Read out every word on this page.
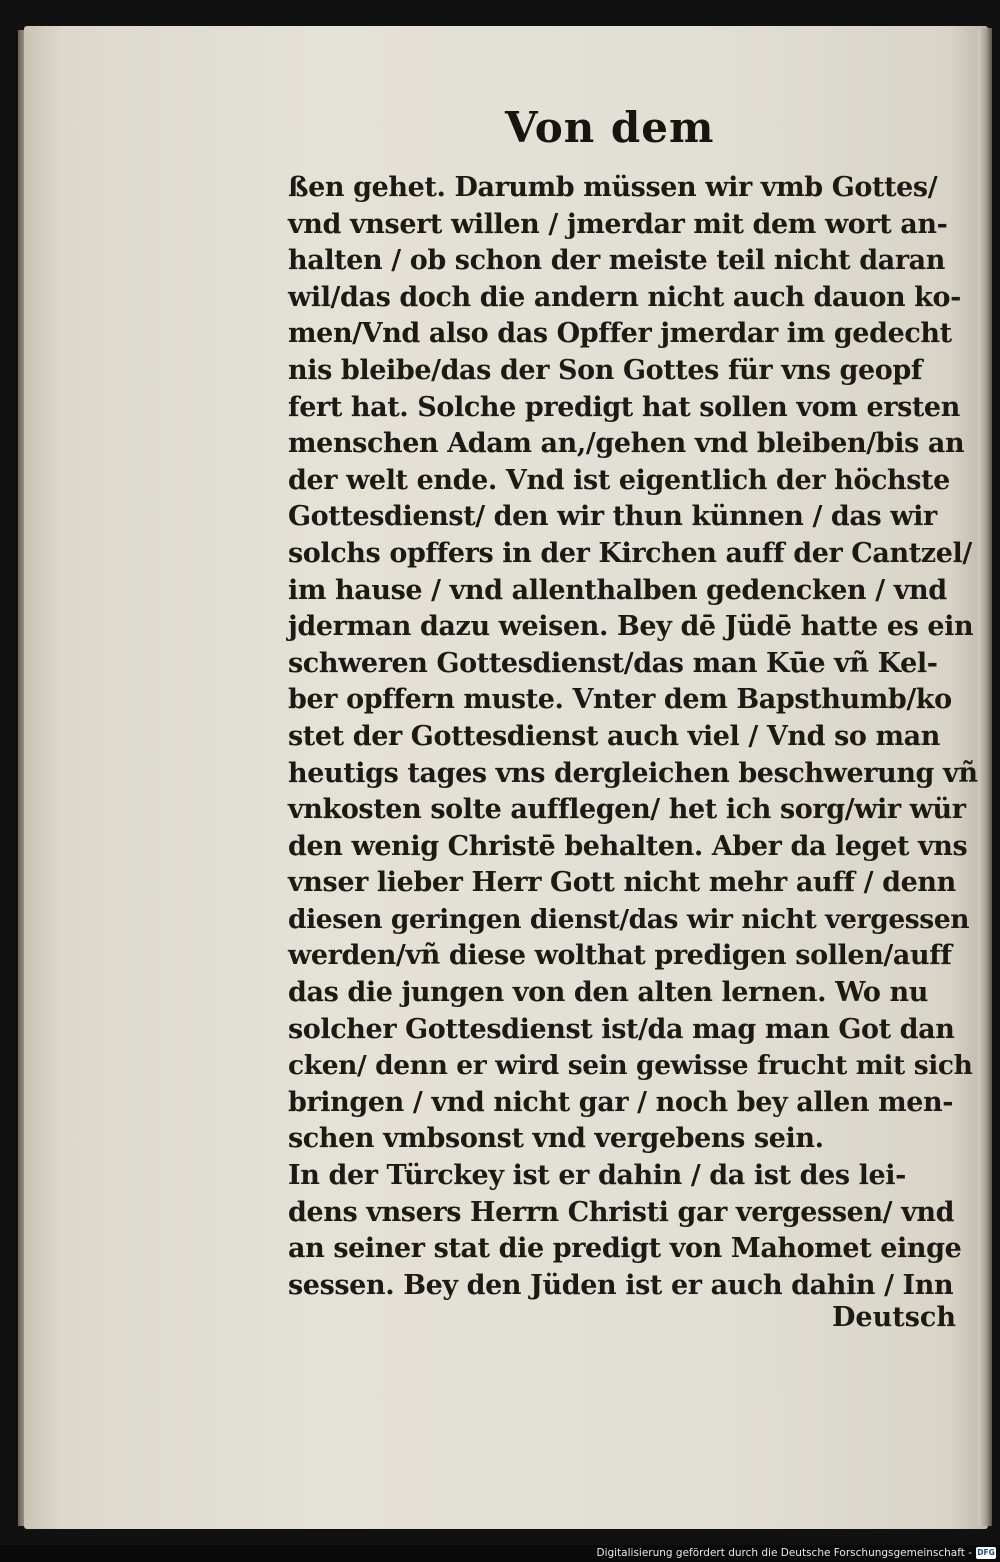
Von dem
ßen gehet. Darumb müssen wir vmb Gottes/
vnd vnsert willen / jmerdar mit dem wort an-
halten / ob schon der meiste teil nicht daran
wil/das doch die andern nicht auch dauon ko-
men/Vnd also das Opffer jmerdar im gedecht
nis bleibe/das der Son Gottes für vns geopf
fert hat. Solche predigt hat sollen vom ersten
menschen Adam an,/gehen vnd bleiben/bis an
der welt ende. Vnd ist eigentlich der höchste
Gottesdienst/ den wir thun künnen / das wir
solchs opffers in der Kirchen auff der Cantzel/
im hause / vnd allenthalben gedencken / vnd
jderman dazu weisen. Bey dē Jüdē hatte es ein
schweren Gottesdienst/das man Kūe vñ Kel-
ber opffern muste. Vnter dem Bapsthumb/ko
stet der Gottesdienst auch viel / Vnd so man
heutigs tages vns dergleichen beschwerung vñ
vnkosten solte aufflegen/ het ich sorg/wir wür
den wenig Christē behalten. Aber da leget vns
vnser lieber Herr Gott nicht mehr auff / denn
diesen geringen dienst/das wir nicht vergessen
werden/vñ diese wolthat predigen sollen/auff
das die jungen von den alten lernen. Wo nu
solcher Gottesdienst ist/da mag man Got dan
cken/ denn er wird sein gewisse frucht mit sich
bringen / vnd nicht gar / noch bey allen men-
schen vmbsonst vnd vergebens sein.
In der Türckey ist er dahin / da ist des lei-
dens vnsers Herrn Christi gar vergessen/ vnd
an seiner stat die predigt von Mahomet einge
sessen. Bey den Jüden ist er auch dahin / Inn
Deutsch
Digitalisierung gefördert durch die Deutsche Forschungsgemeinschaft - DFG
